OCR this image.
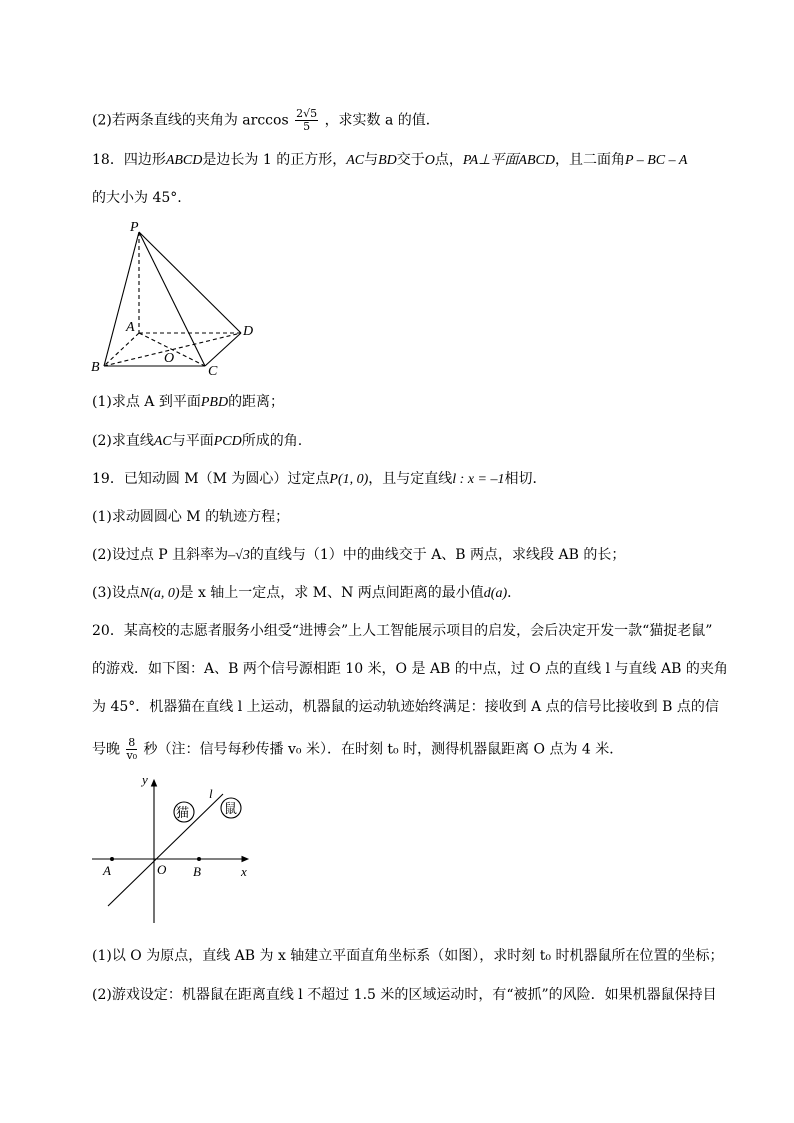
(2)若两条直线的夹角为 $\arccos \frac{2√5}{5}$ ，求实数 a 的值．
18．四边形ABCD是边长为 1 的正方形，AC与BD交于O点，PA⊥平面ABCD，且二面角P – BC – A
的大小为 45°.
P
A	D
B
O
C
(1)求点 A 到平面PBD的距离；
(2)求直线AC与平面PCD所成的角.
19．已知动圆 M（M 为圆心）过定点P(1, 0)，且与定直线l : x = –1相切．
(1)求动圆圆心 M 的轨迹方程；
(2)设过点 P 且斜率为–√3的直线与（1）中的曲线交于 A、B 两点，求线段 AB 的长；
(3)设点N(a, 0)是 x 轴上一定点，求 M、N 两点间距离的最小值d(a)．
20．某高校的志愿者服务小组受“进博会”上人工智能展示项目的启发，会后决定开发一款“猫捉老鼠”
的游戏．如下图：A、B 两个信号源相距 10 米，O 是 AB 的中点，过 O 点的直线 l 与直线 AB 的夹角
为 45°．机器猫在直线 l 上运动，机器鼠的运动轨迹始终满足：接收到 A 点的信号比接收到 B 点的信
号晚 $\frac{8}{\text{v₀}}$ 秒（注：信号每秒传播 v₀ 米）．在时刻 t₀ 时，测得机器鼠距离 O 点为 4 米．
猫	鼠
y
l
A	O B	x
(1)以 O 为原点，直线 AB 为 x 轴建立平面直角坐标系（如图），求时刻 t₀ 时机器鼠所在位置的坐标；
(2)游戏设定：机器鼠在距离直线 l 不超过 1.5 米的区域运动时，有“被抓”的风险．如果机器鼠保持目
